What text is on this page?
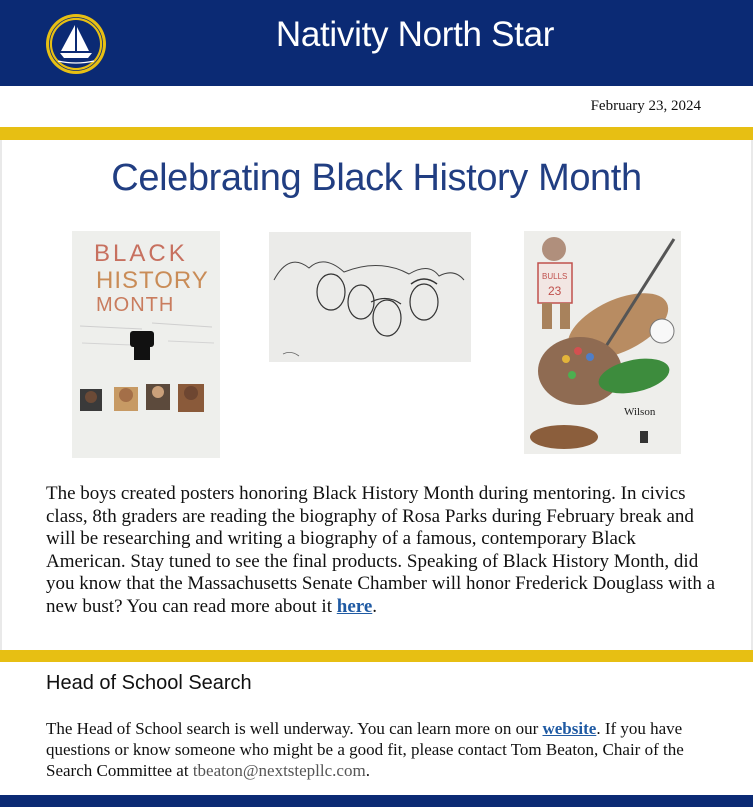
Nativity North Star
February 23, 2024
Celebrating Black History Month
BLACK
HISTORY
MONTH
BULLS
23
Wilson
The boys created posters honoring Black History Month during mentoring. In civics class, 8th graders are reading the biography of Rosa Parks during February break and will be researching and writing a biography of a famous, contemporary Black American. Stay tuned to see the final products. Speaking of Black History Month, did you know that the Massachusetts Senate Chamber will honor Frederick Douglass with a new bust? You can read more about it here.
Head of School Search
The Head of School search is well underway. You can learn more on our website. If you have questions or know someone who might be a good fit, please contact Tom Beaton, Chair of the Search Committee at tbeaton@nextstepllc.com.
